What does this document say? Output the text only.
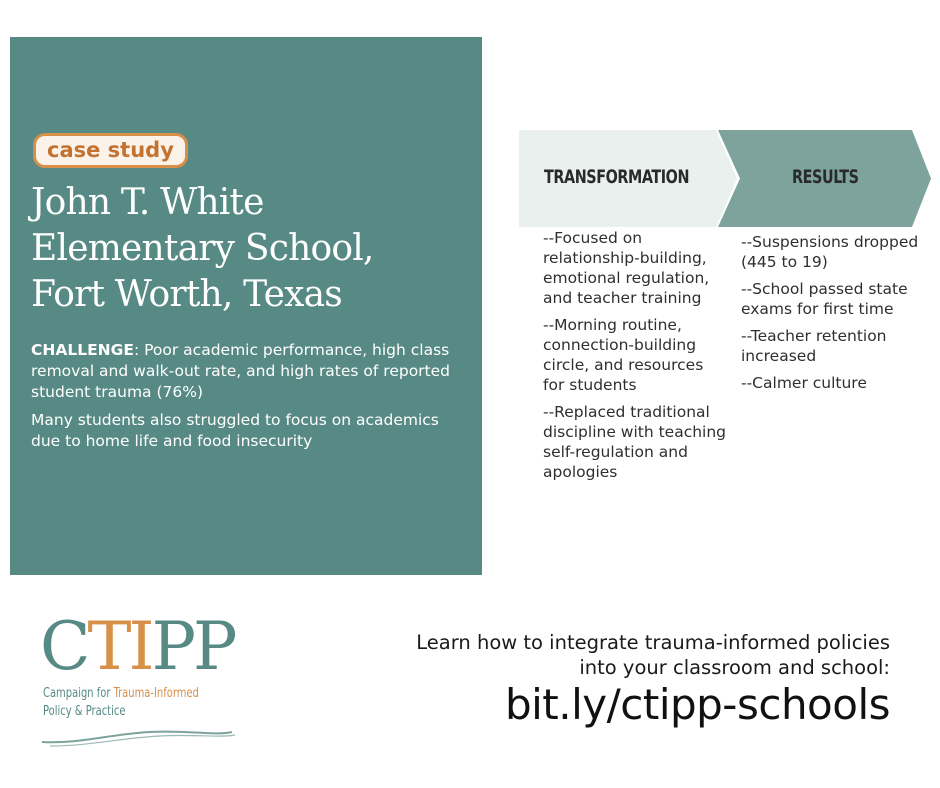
case study
John T. White
Elementary School,
Fort Worth, Texas

CHALLENGE: Poor academic performance, high class removal and walk-out rate, and high rates of reported student trauma (76%)

Many students also struggled to focus on academics due to home life and food insecurity

TRANSFORMATION	RESULTS

--Focused on relationship-building, emotional regulation, and teacher training

--Morning routine, connection-building circle, and resources for students

--Replaced traditional discipline with teaching self-regulation and apologies

--Suspensions dropped (445 to 19)

--School passed state exams for first time

--Teacher retention increased

--Calmer culture

CTIPP
Campaign for Trauma-Informed
Policy & Practice
Learn how to integrate trauma-informed policies
into your classroom and school:
bit.ly/ctipp-schools
